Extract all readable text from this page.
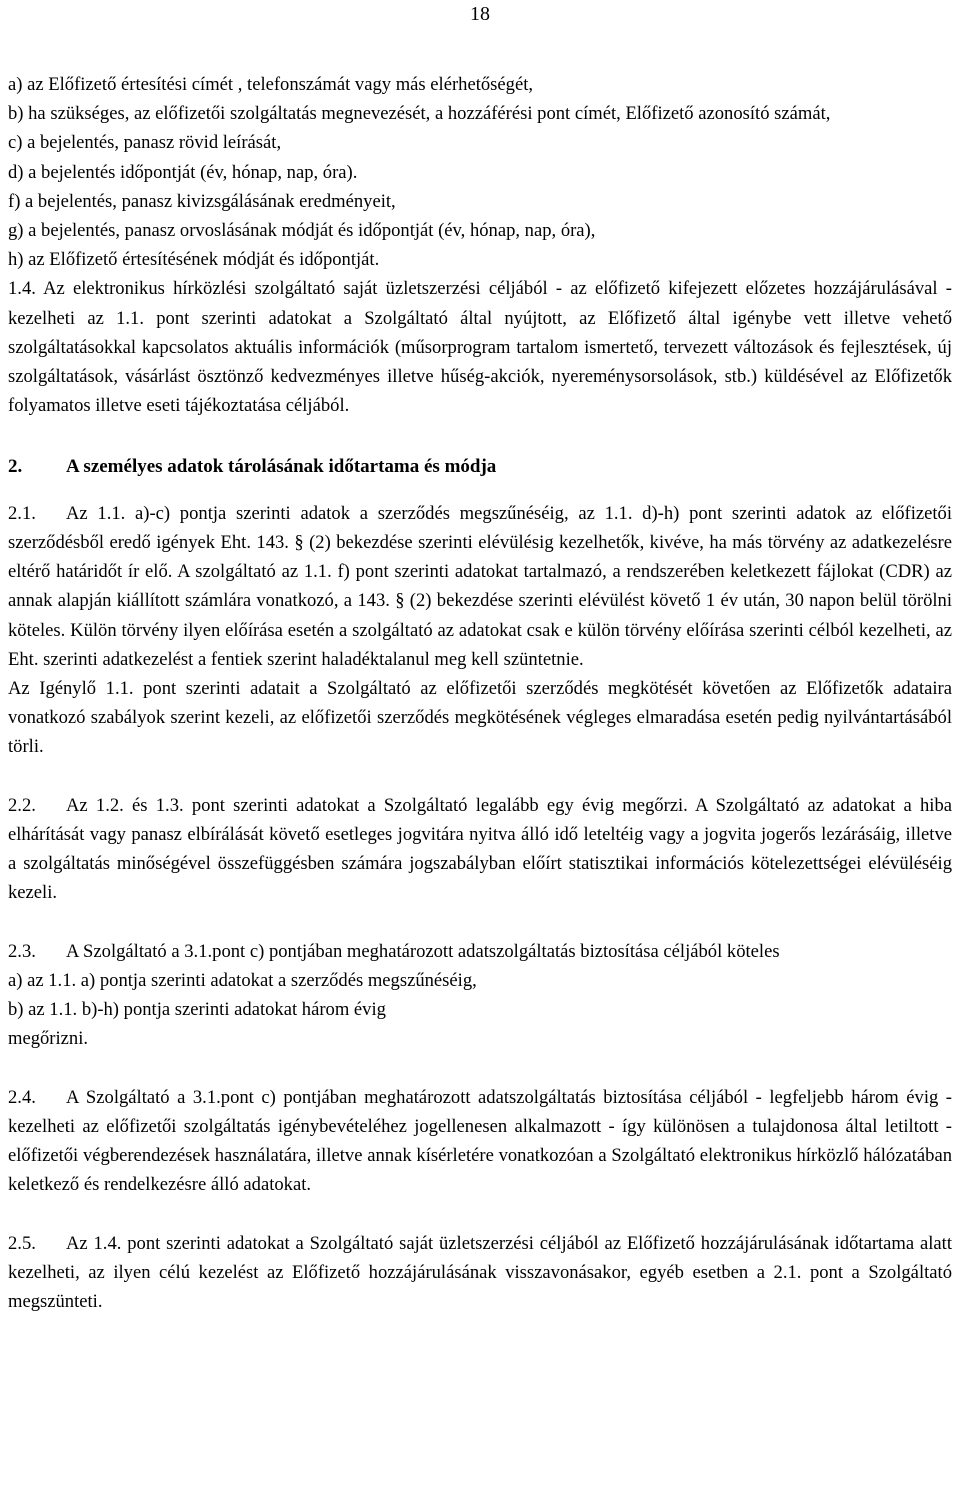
18

a) az Előfizető értesítési címét , telefonszámát vagy más elérhetőségét,

b) ha szükséges, az előfizetői szolgáltatás megnevezését, a hozzáférési pont címét, Előfizető azonosító számát,

c) a bejelentés, panasz rövid leírását,

d) a bejelentés időpontját (év, hónap, nap, óra).

f) a bejelentés, panasz kivizsgálásának eredményeit,

g) a bejelentés, panasz orvoslásának módját és időpontját (év, hónap, nap, óra),

h) az Előfizető értesítésének módját és időpontját.

1.4. Az elektronikus hírközlési szolgáltató saját üzletszerzési céljából - az előfizető kifejezett előzetes hozzájárulásával - kezelheti az 1.1. pont szerinti adatokat a Szolgáltató által nyújtott, az Előfizető által igénybe vett illetve vehető szolgáltatásokkal kapcsolatos aktuális információk (műsorprogram tartalom ismertető, tervezett változások és fejlesztések, új szolgáltatások, vásárlást ösztönző kedvezményes illetve hűség-akciók, nyereménysorsolások, stb.) küldésével az Előfizetők folyamatos illetve eseti tájékoztatása céljából.

2. A személyes adatok tárolásának időtartama és módja

2.1. Az 1.1. a)-c) pontja szerinti adatok a szerződés megszűnéséig, az 1.1. d)-h) pont szerinti adatok az előfizetői szerződésből eredő igények Eht. 143. § (2) bekezdése szerinti elévülésig kezelhetők, kivéve, ha más törvény az adatkezelésre eltérő határidőt ír elő. A szolgáltató az 1.1. f) pont szerinti adatokat tartalmazó, a rendszerében keletkezett fájlokat (CDR) az annak alapján kiállított számlára vonatkozó, a 143. § (2) bekezdése szerinti elévülést követő 1 év után, 30 napon belül törölni köteles. Külön törvény ilyen előírása esetén a szolgáltató az adatokat csak e külön törvény előírása szerinti célból kezelheti, az Eht. szerinti adatkezelést a fentiek szerint haladéktalanul meg kell szüntetnie.

Az Igénylő 1.1. pont szerinti adatait a Szolgáltató az előfizetői szerződés megkötését követően az Előfizetők adataira vonatkozó szabályok szerint kezeli, az előfizetői szerződés megkötésének végleges elmaradása esetén pedig nyilvántartásából törli.

2.2. Az 1.2. és 1.3. pont szerinti adatokat a Szolgáltató legalább egy évig megőrzi. A Szolgáltató az adatokat a hiba elhárítását vagy panasz elbírálását követő esetleges jogvitára nyitva álló idő leteltéig vagy a jogvita jogerős lezárásáig, illetve a szolgáltatás minőségével összefüggésben számára jogszabályban előírt statisztikai információs kötelezettségei elévüléséig kezeli.

2.3. A Szolgáltató a 3.1.pont c) pontjában meghatározott adatszolgáltatás biztosítása céljából köteles

a) az 1.1. a) pontja szerinti adatokat a szerződés megszűnéséig,

b) az 1.1. b)-h) pontja szerinti adatokat három évig

megőrizni.

2.4. A Szolgáltató a 3.1.pont c) pontjában meghatározott adatszolgáltatás biztosítása céljából - legfeljebb három évig - kezelheti az előfizetői szolgáltatás igénybevételéhez jogellenesen alkalmazott - így különösen a tulajdonosa által letiltott - előfizetői végberendezések használatára, illetve annak kísérletére vonatkozóan a Szolgáltató elektronikus hírközlő hálózatában keletkező és rendelkezésre álló adatokat.

2.5. Az 1.4. pont szerinti adatokat a Szolgáltató saját üzletszerzési céljából az Előfizető hozzájárulásának időtartama alatt kezelheti, az ilyen célú kezelést az Előfizető hozzájárulásának visszavonásakor, egyéb esetben a 2.1. pont a Szolgáltató megszünteti.
